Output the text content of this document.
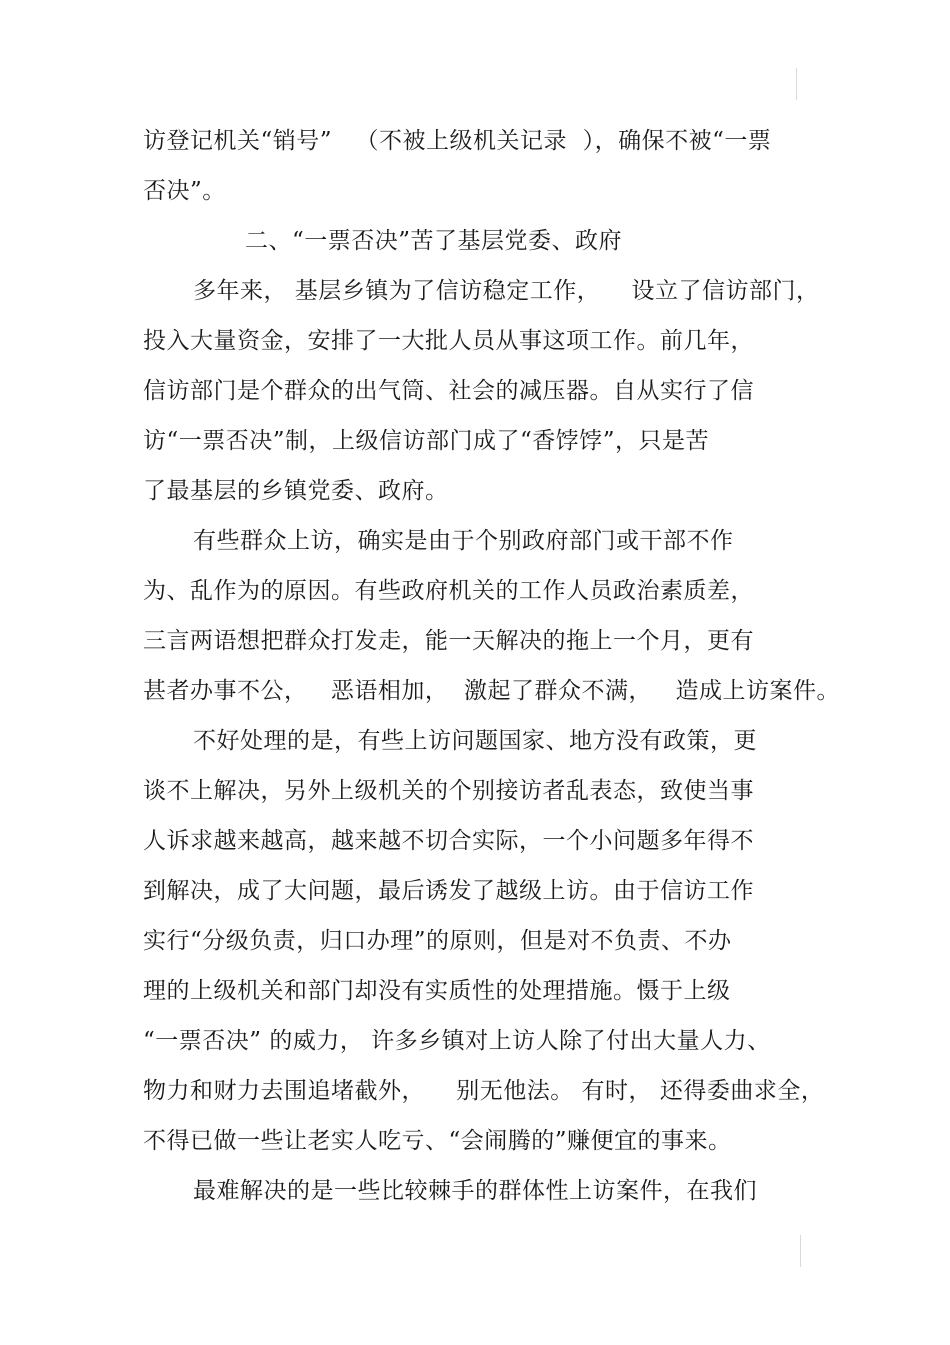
访登记机关“销号”   （不被上级机关记录  ），确保不被“一票
否决”。
二、“一票否决”苦了基层党委、政府
多年来， 基层乡镇为了信访稳定工作，    设立了信访部门，
投入大量资金，安排了一大批人员从事这项工作。前几年，
信访部门是个群众的出气筒、社会的减压器。自从实行了信
访“一票否决”制，上级信访部门成了“香饽饽”，只是苦
了最基层的乡镇党委、政府。
有些群众上访，确实是由于个别政府部门或干部不作
为、乱作为的原因。有些政府机关的工作人员政治素质差，
三言两语想把群众打发走，能一天解决的拖上一个月，更有
甚者办事不公，   恶语相加，  激起了群众不满，   造成上访案件。
不好处理的是，有些上访问题国家、地方没有政策，更
谈不上解决，另外上级机关的个别接访者乱表态，致使当事
人诉求越来越高，越来越不切合实际，一个小问题多年得不
到解决，成了大问题，最后诱发了越级上访。由于信访工作
实行“分级负责，归口办理”的原则，但是对不负责、不办
理的上级机关和部门却没有实质性的处理措施。慑于上级
“一票否决” 的威力， 许多乡镇对上访人除了付出大量人力、
物力和财力去围追堵截外，    别无他法。 有时， 还得委曲求全，
不得已做一些让老实人吃亏、“会闹腾的”赚便宜的事来。
最难解决的是一些比较棘手的群体性上访案件，在我们
